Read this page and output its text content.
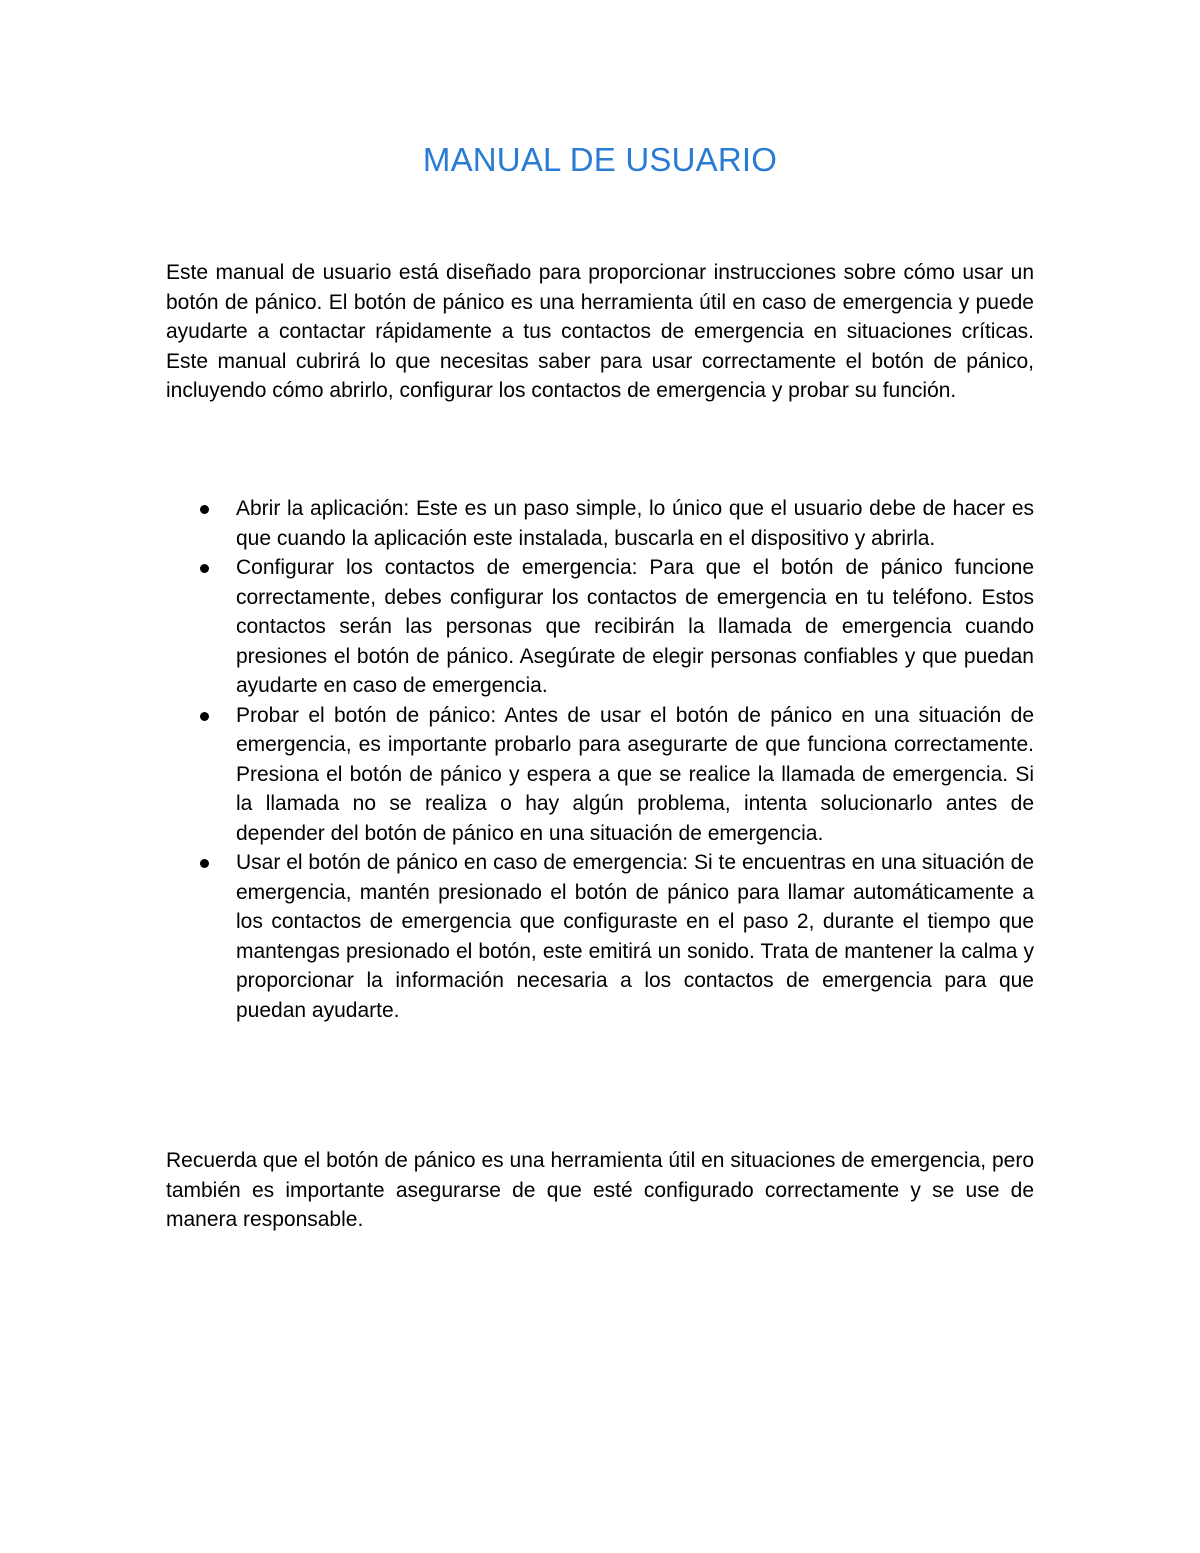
MANUAL DE USUARIO

Este manual de usuario está diseñado para proporcionar instrucciones sobre cómo usar un botón de pánico. El botón de pánico es una herramienta útil en caso de emergencia y puede ayudarte a contactar rápidamente a tus contactos de emergencia en situaciones críticas. Este manual cubrirá lo que necesitas saber para usar correctamente el botón de pánico, incluyendo cómo abrirlo, configurar los contactos de emergencia y probar su función.

Abrir la aplicación: Este es un paso simple, lo único que el usuario debe de hacer es que cuando la aplicación este instalada, buscarla en el dispositivo y abrirla.
Configurar los contactos de emergencia: Para que el botón de pánico funcione correctamente, debes configurar los contactos de emergencia en tu teléfono. Estos contactos serán las personas que recibirán la llamada de emergencia cuando presiones el botón de pánico. Asegúrate de elegir personas confiables y que puedan ayudarte en caso de emergencia.
Probar el botón de pánico: Antes de usar el botón de pánico en una situación de emergencia, es importante probarlo para asegurarte de que funciona correctamente. Presiona el botón de pánico y espera a que se realice la llamada de emergencia. Si la llamada no se realiza o hay algún problema, intenta solucionarlo antes de depender del botón de pánico en una situación de emergencia.
Usar el botón de pánico en caso de emergencia: Si te encuentras en una situación de emergencia, mantén presionado el botón de pánico para llamar automáticamente a los contactos de emergencia que configuraste en el paso 2, durante el tiempo que mantengas presionado el botón, este emitirá un sonido. Trata de mantener la calma y proporcionar la información necesaria a los contactos de emergencia para que puedan ayudarte.

Recuerda que el botón de pánico es una herramienta útil en situaciones de emergencia, pero también es importante asegurarse de que esté configurado correctamente y se use de manera responsable.
